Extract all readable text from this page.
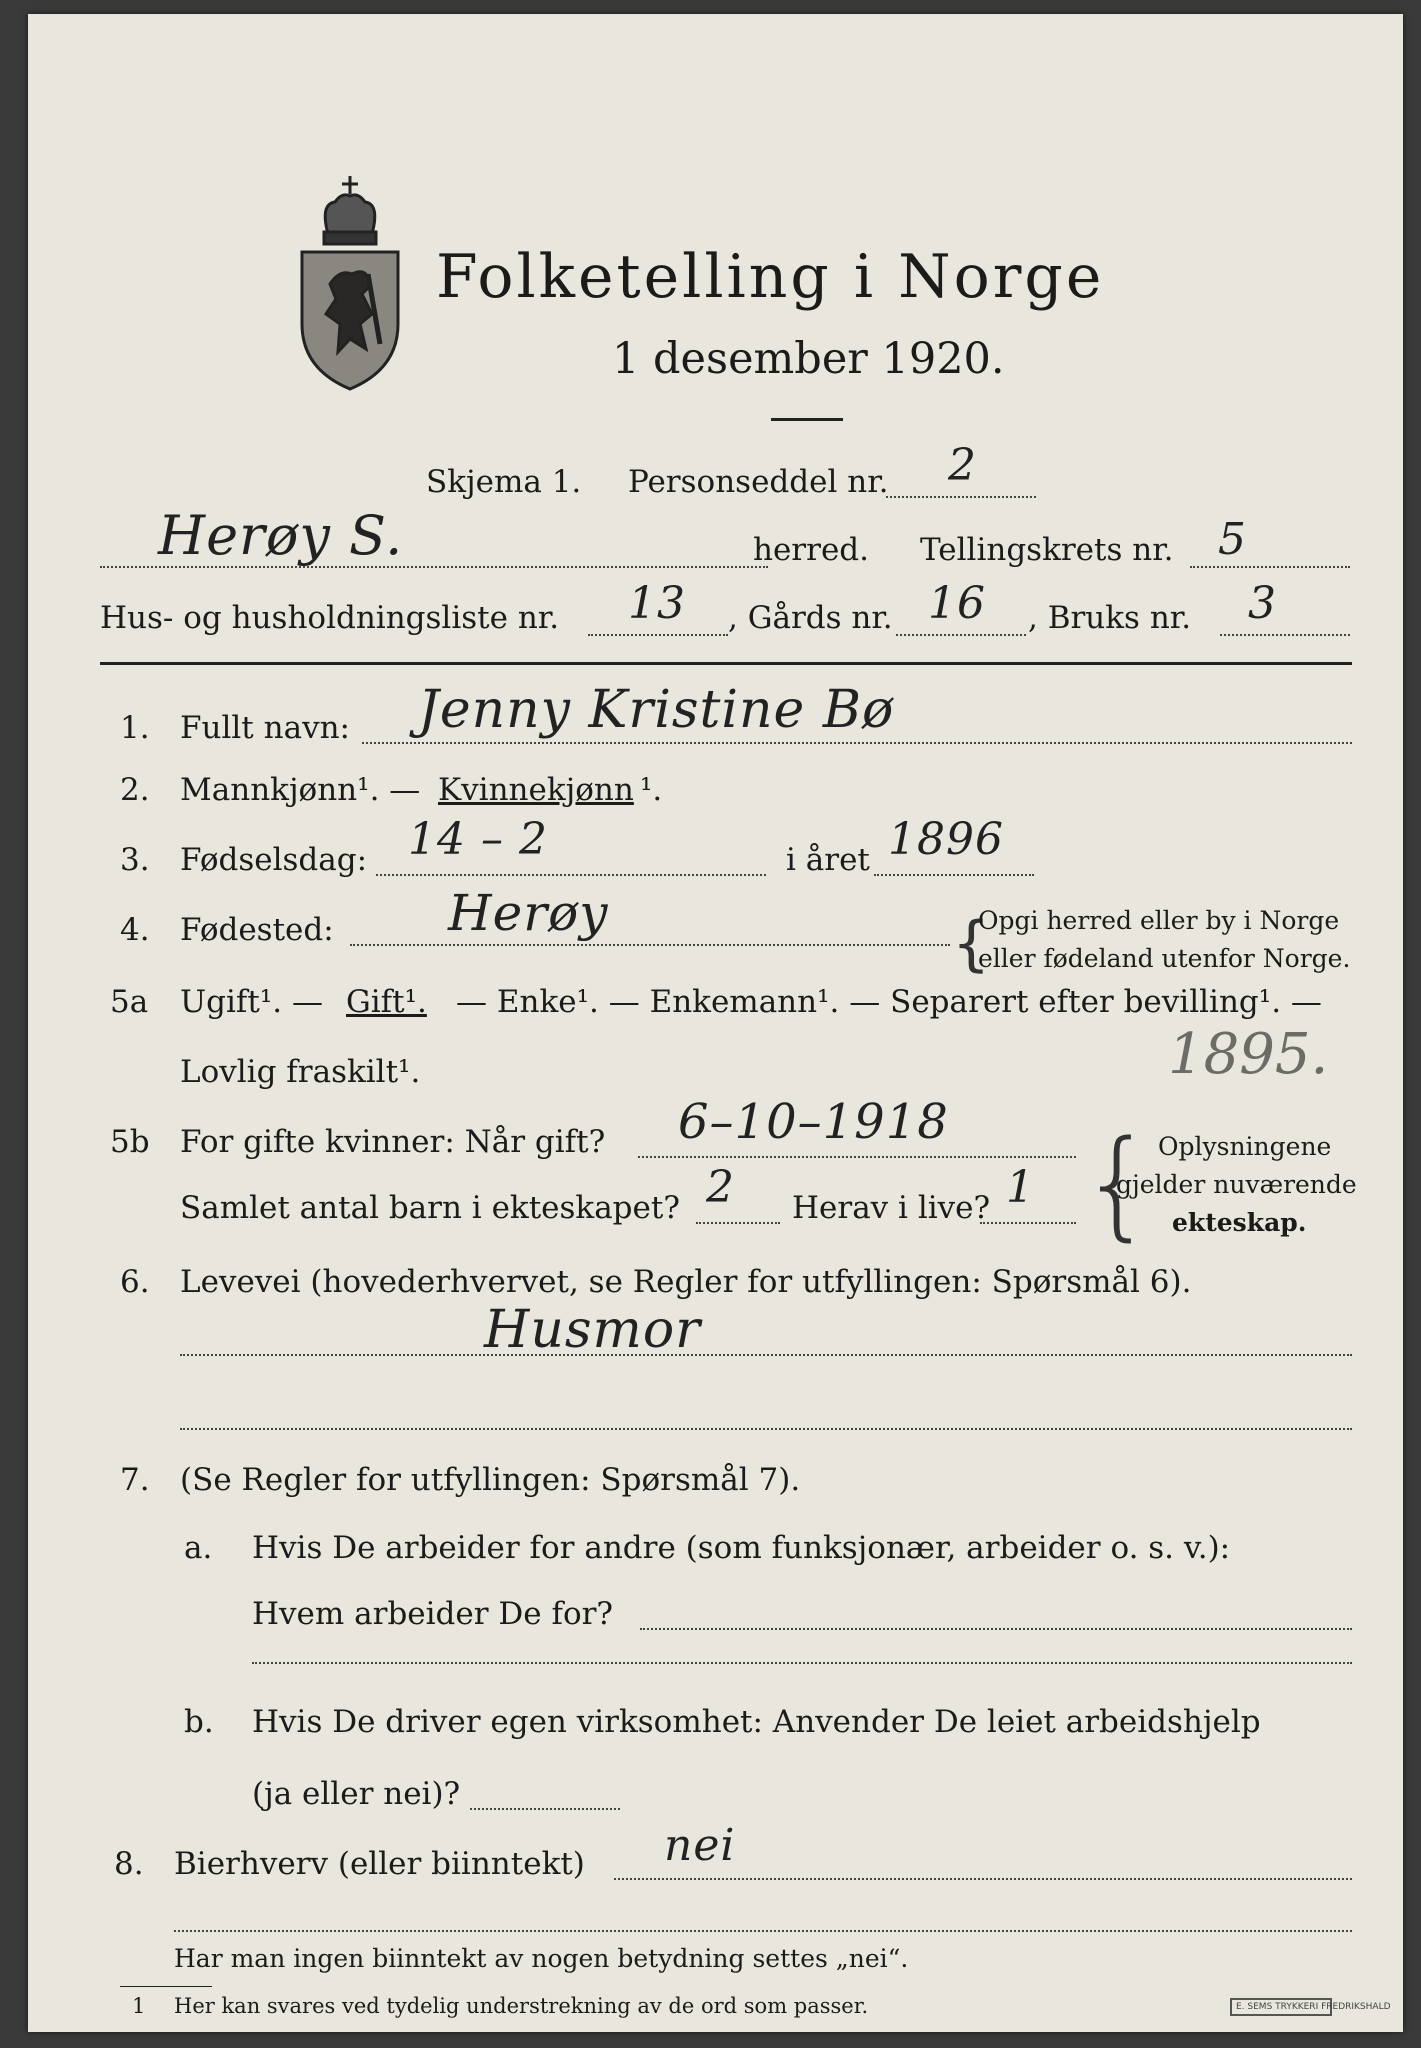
Folketelling i Norge
1 desember 1920.
Skjema 1. Personseddel nr. 2
Herøy S.	herred. Tellingskrets nr. 5
Hus- og husholdningsliste nr. 13 , Gårds nr. 16 , Bruks nr. 3
1. Fullt navn: Jenny Kristine Bø
2. Mannkjønn¹. — Kvinnekjønn ¹.
3. Fødselsdag: 14 – 2	i året 1896
4. Fødested: Herøy	{
Opgi herred eller by i Norge
eller fødeland utenfor Norge.
5a Ugift¹. — Gift¹. — Enke¹. — Enkemann¹. — Separert efter bevilling¹. —
Lovlig fraskilt¹.	1895.
5b For gifte kvinner: Når gift? 6–10–1918
Samlet antal barn i ekteskapet? 2 Herav i live? 1 { Oplysningene
gjelder nuværende
ekteskap.
6. Levevei (hovederhvervet, se Regler for utfyllingen: Spørsmål 6).
Husmor
7. (Se Regler for utfyllingen: Spørsmål 7).
a. Hvis De arbeider for andre (som funksjonær, arbeider o. s. v.):
Hvem arbeider De for?
b. Hvis De driver egen virksomhet: Anvender De leiet arbeidshjelp
(ja eller nei)?
8. Bierhverv (eller biinntekt) nei
Har man ingen biinntekt av nogen betydning settes „nei“.
1 Her kan svares ved tydelig understrekning av de ord som passer.	E. SEMS TRYKKERI FREDRIKSHALD
